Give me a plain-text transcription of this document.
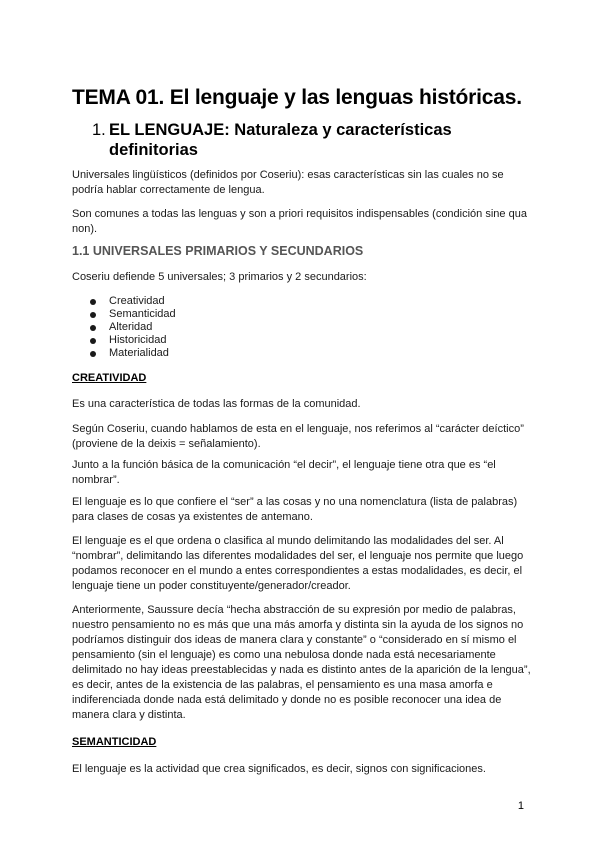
TEMA 01. El lenguaje y las lenguas históricas.
1. EL LENGUAJE: Naturaleza y características definitorias

Universales lingüísticos (definidos por Coseriu): esas características sin las cuales no se podría hablar correctamente de lengua.

Son comunes a todas las lenguas y son a priori requisitos indispensables (condición sine qua non).

1.1 UNIVERSALES PRIMARIOS Y SECUNDARIOS

Coseriu defiende 5 universales; 3 primarios y 2 secundarios:

Creatividad
Semanticidad
Alteridad
Historicidad
Materialidad
CREATIVIDAD

Es una característica de todas las formas de la comunidad.

Según Coseriu, cuando hablamos de esta en el lenguaje, nos referimos al “carácter deíctico” (proviene de la deixis = señalamiento).

Junto a la función básica de la comunicación “el decir”, el lenguaje tiene otra que es “el nombrar”.

El lenguaje es lo que confiere el “ser” a las cosas y no una nomenclatura (lista de palabras) para clases de cosas ya existentes de antemano.

El lenguaje es el que ordena o clasifica al mundo delimitando las modalidades del ser. Al “nombrar”, delimitando las diferentes modalidades del ser, el lenguaje nos permite que luego podamos reconocer en el mundo a entes correspondientes a estas modalidades, es decir, el lenguaje tiene un poder constituyente/generador/creador.

Anteriormente, Saussure decía “hecha abstracción de su expresión por medio de palabras, nuestro pensamiento no es más que una más amorfa y distinta sin la ayuda de los signos no podríamos distinguir dos ideas de manera clara y constante” o “considerado en sí mismo el pensamiento (sin el lenguaje) es como una nebulosa donde nada está necesariamente delimitado no hay ideas preestablecidas y nada es distinto antes de la aparición de la lengua”, es decir, antes de la existencia de las palabras, el pensamiento es una masa amorfa e indiferenciada donde nada está delimitado y donde no es posible reconocer una idea de manera clara y distinta.

SEMANTICIDAD

El lenguaje es la actividad que crea significados, es decir, signos con significaciones.

1
